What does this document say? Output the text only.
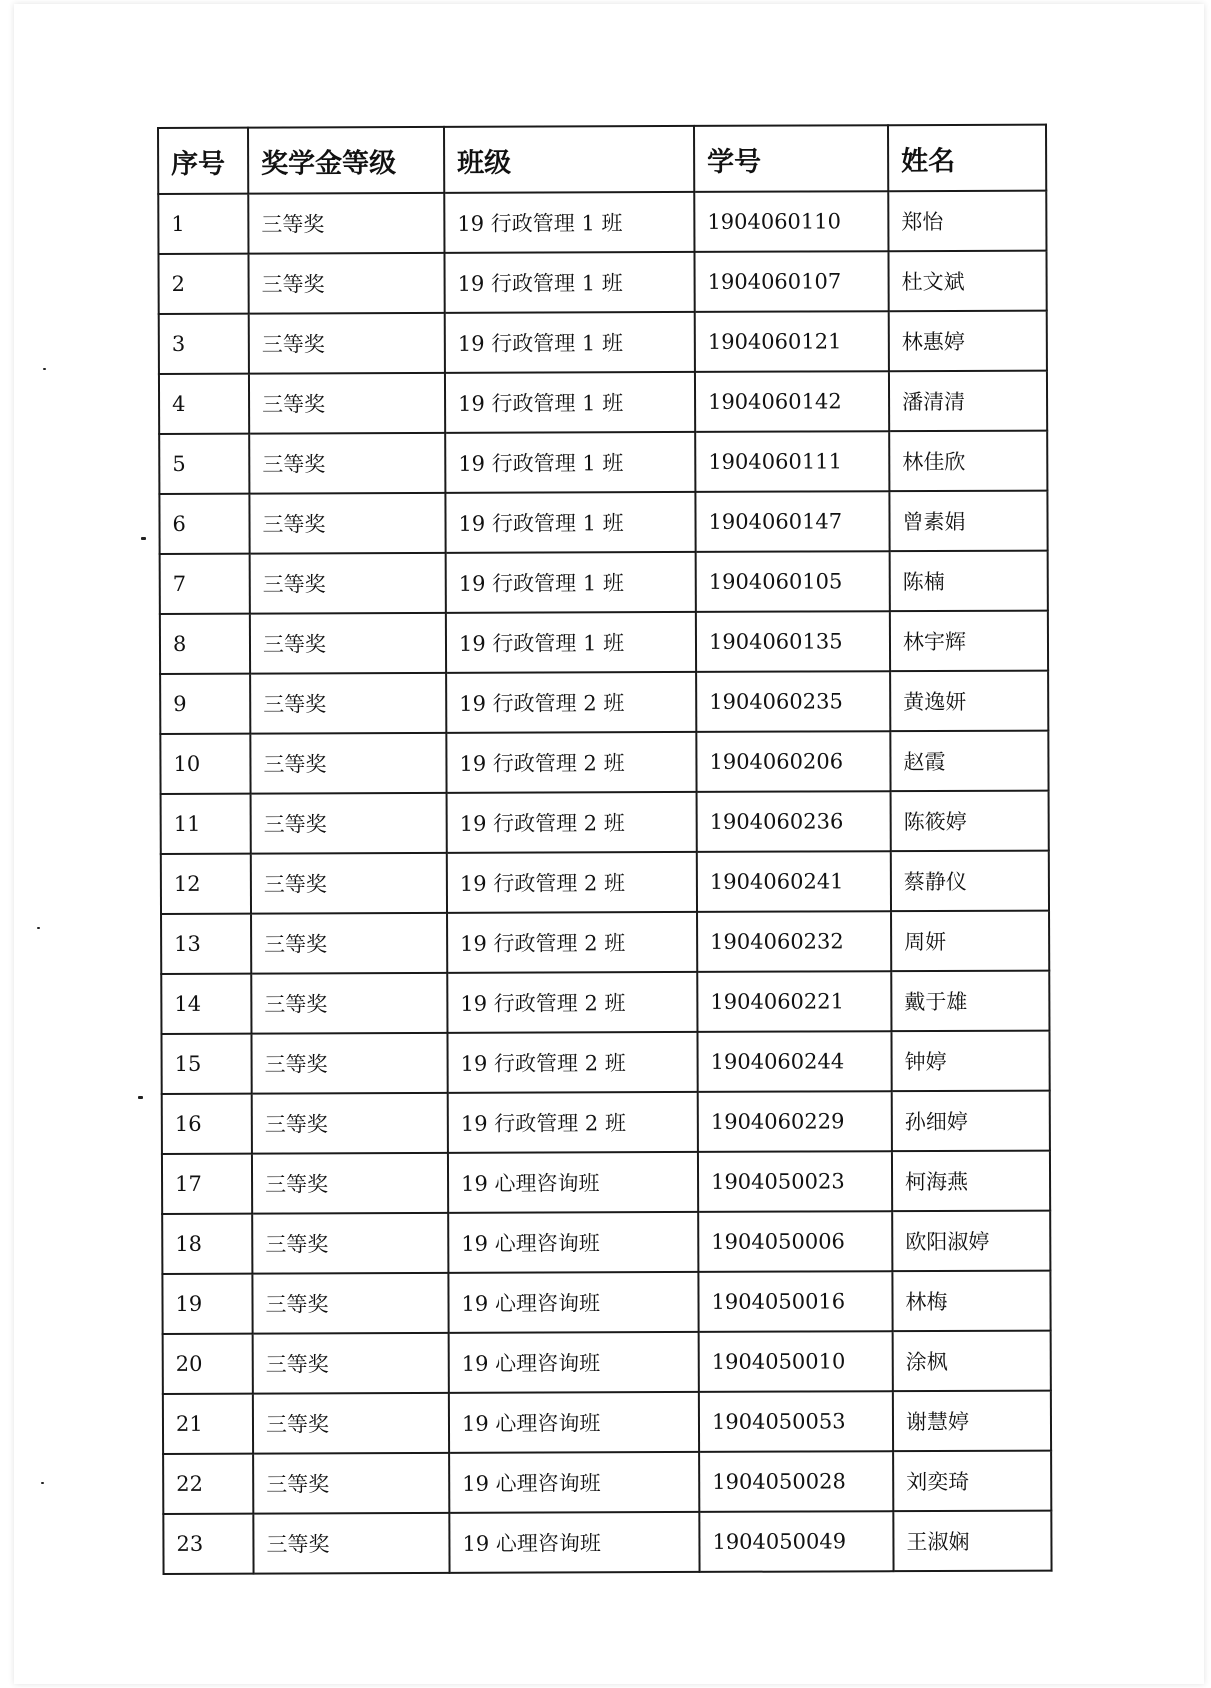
序号	奖学金等级	班级	学号	姓名
1	三等奖	19 行政管理 1 班	1904060110	郑怡
2	三等奖	19 行政管理 1 班	1904060107	杜文斌
3	三等奖	19 行政管理 1 班	1904060121	林惠婷
4	三等奖	19 行政管理 1 班	1904060142	潘清清
5	三等奖	19 行政管理 1 班	1904060111	林佳欣
6	三等奖	19 行政管理 1 班	1904060147	曾素娟
7	三等奖	19 行政管理 1 班	1904060105	陈楠
8	三等奖	19 行政管理 1 班	1904060135	林宇辉
9	三等奖	19 行政管理 2 班	1904060235	黄逸妍
10	三等奖	19 行政管理 2 班	1904060206	赵霞
11	三等奖	19 行政管理 2 班	1904060236	陈筱婷
12	三等奖	19 行政管理 2 班	1904060241	蔡静仪
13	三等奖	19 行政管理 2 班	1904060232	周妍
14	三等奖	19 行政管理 2 班	1904060221	戴于雄
15	三等奖	19 行政管理 2 班	1904060244	钟婷
16	三等奖	19 行政管理 2 班	1904060229	孙细婷
17	三等奖	19 心理咨询班	1904050023	柯海燕
18	三等奖	19 心理咨询班	1904050006	欧阳淑婷
19	三等奖	19 心理咨询班	1904050016	林梅
20	三等奖	19 心理咨询班	1904050010	涂枫
21	三等奖	19 心理咨询班	1904050053	谢慧婷
22	三等奖	19 心理咨询班	1904050028	刘奕琦
23	三等奖	19 心理咨询班	1904050049	王淑娴
